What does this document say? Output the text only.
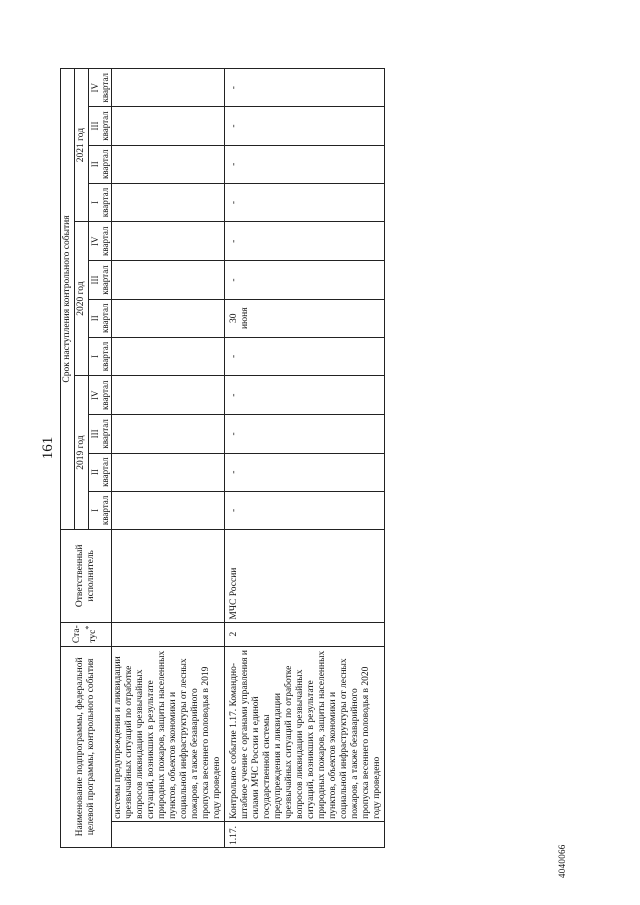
161
4040066
Наименование подпрограммы, федеральной целевой программы, контрольного события		Ста-тус*	Ответственный исполнитель	Срок наступления контрольного события											
				2019 год				2020 год				2021 год			
				I квартал	II квартал	III квартал	IV квартал	I квартал	II квартал	III квартал	IV квартал	I квартал	II квартал	III квартал	IV квартал
	системы предупреждения и ликвидации чрезвычайных ситуаций по отработке вопросов ликвидации чрезвычайных ситуаций, возникших в результате природных пожаров, защиты населенных пунктов, объектов экономики и социальной инфраструктуры от лесных пожаров, а также безаварийного пропуска весеннего половодья в 2019 году проведено														
1.17.	Контрольное событие 1.17. Командно-штабное учение с органами управления и силами МЧС России и единой государственной системы предупреждения и ликвидации чрезвычайных ситуаций по отработке вопросов ликвидации чрезвычайных ситуаций, возникших в результате природных пожаров, защиты населенных пунктов, объектов экономики и социальной инфраструктуры от лесных пожаров, а также безаварийного пропуска весеннего половодья в 2020 году проведено	2	МЧС России	-	-	-	-	-	30 июня	-	-	-	-	-	-
